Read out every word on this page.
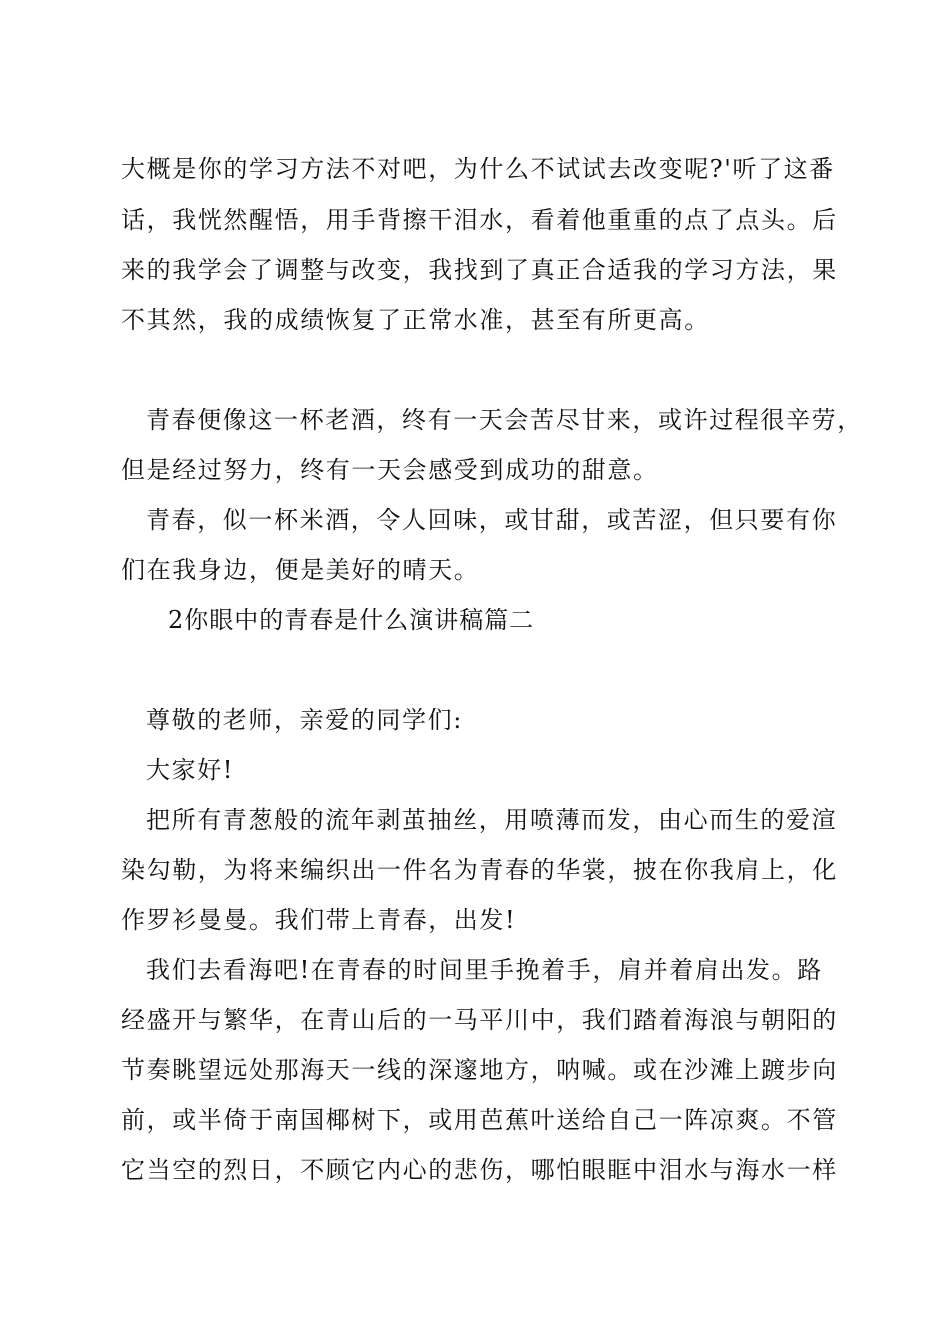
大概是你的学习方法不对吧，为什么不试试去改变呢?'听了这番
话，我恍然醒悟，用手背擦干泪水，看着他重重的点了点头。后
来的我学会了调整与改变，我找到了真正合适我的学习方法，果
不其然，我的成绩恢复了正常水准，甚至有所更高。
青春便像这一杯老酒，终有一天会苦尽甘来，或许过程很辛劳，
但是经过努力，终有一天会感受到成功的甜意。
青春，似一杯米酒，令人回味，或甘甜，或苦涩，但只要有你
们在我身边，便是美好的晴天。
2你眼中的青春是什么演讲稿篇二
尊敬的老师，亲爱的同学们:
大家好!
把所有青葱般的流年剥茧抽丝，用喷薄而发，由心而生的爱渲
染勾勒，为将来编织出一件名为青春的华裳，披在你我肩上，化
作罗衫曼曼。我们带上青春，出发!
我们去看海吧!在青春的时间里手挽着手，肩并着肩出发。路
经盛开与繁华，在青山后的一马平川中，我们踏着海浪与朝阳的
节奏眺望远处那海天一线的深邃地方，呐喊。或在沙滩上踱步向
前，或半倚于南国椰树下，或用芭蕉叶送给自己一阵凉爽。不管
它当空的烈日，不顾它内心的悲伤，哪怕眼眶中泪水与海水一样
